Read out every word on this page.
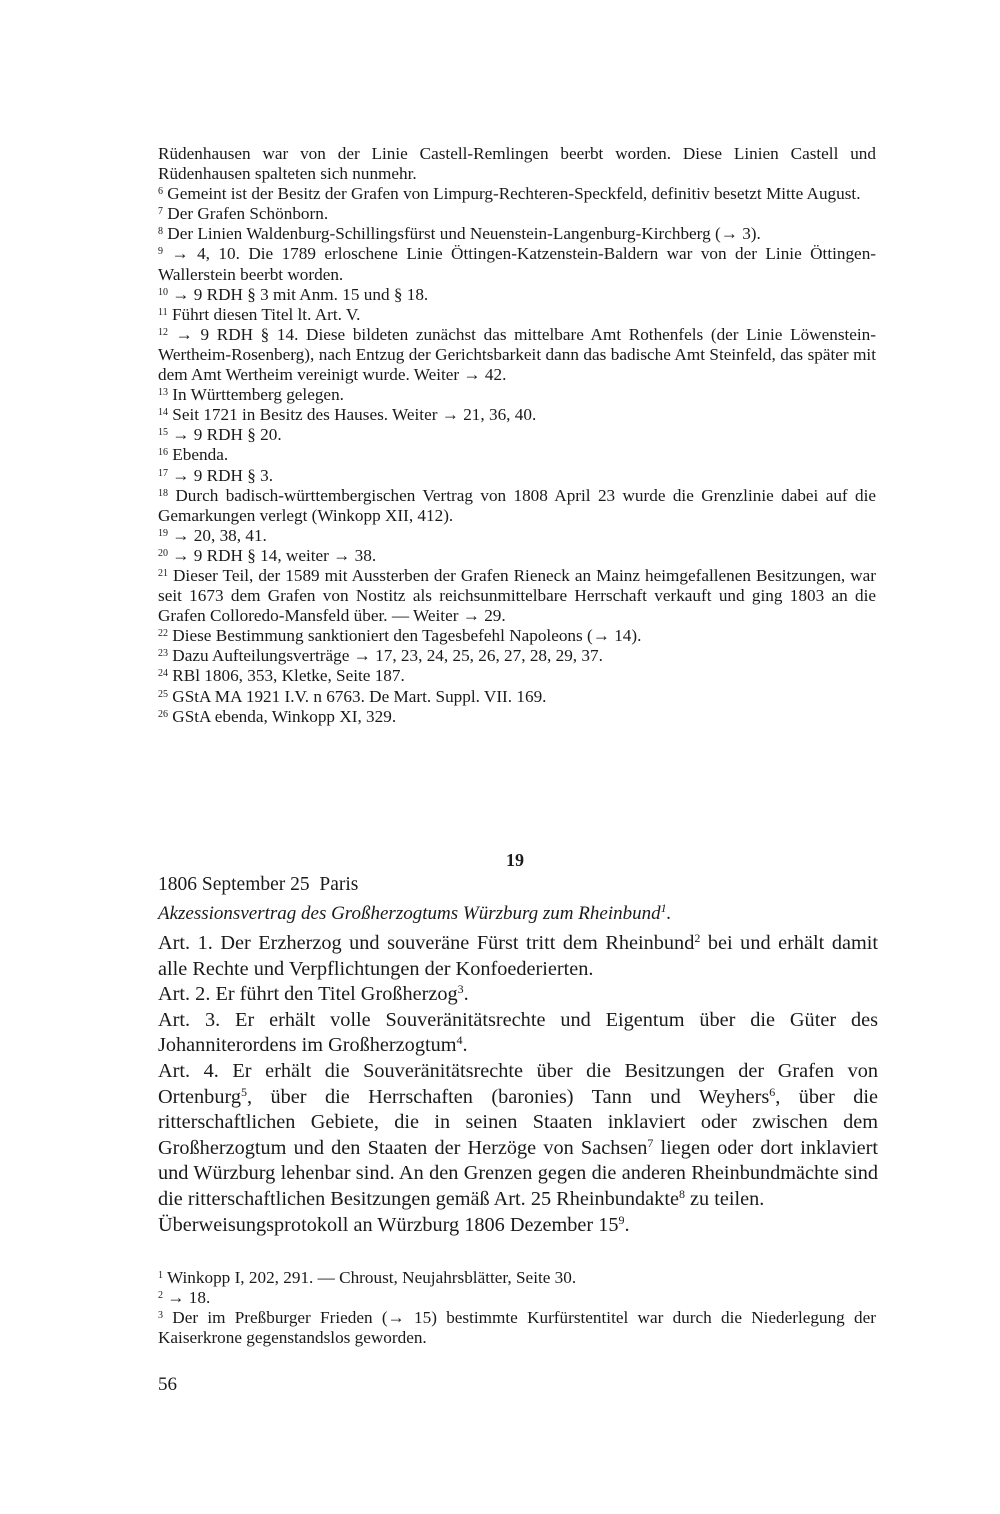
Rüdenhausen war von der Linie Castell-Remlingen beerbt worden. Diese Linien Castell und Rüdenhausen spalteten sich nunmehr.
$^6$ Gemeint ist der Besitz der Grafen von Limpurg-Rechteren-Speckfeld, definitiv besetzt Mitte August.
$^7$ Der Grafen Schönborn.
$^8$ Der Linien Waldenburg-Schillingsfürst und Neuenstein-Langenburg-Kirchberg (→ 3).
$^9$ → 4, 10. Die 1789 erloschene Linie Öttingen-Katzenstein-Baldern war von der Linie Öttingen-Wallerstein beerbt worden.
$^{10}$ → 9 RDH § 3 mit Anm. 15 und § 18.
$^{11}$ Führt diesen Titel lt. Art. V.
$^{12}$ → 9 RDH § 14. Diese bildeten zunächst das mittelbare Amt Rothenfels (der Linie Löwenstein-Wertheim-Rosenberg), nach Entzug der Gerichtsbarkeit dann das badische Amt Steinfeld, das später mit dem Amt Wertheim vereinigt wurde. Weiter → 42.
$^{13}$ In Württemberg gelegen.
$^{14}$ Seit 1721 in Besitz des Hauses. Weiter → 21, 36, 40.
$^{15}$ → 9 RDH § 20.
$^{16}$ Ebenda.
$^{17}$ → 9 RDH § 3.
$^{18}$ Durch badisch-württembergischen Vertrag von 1808 April 23 wurde die Grenzlinie dabei auf die Gemarkungen verlegt (Winkopp XII, 412).
$^{19}$ → 20, 38, 41.
$^{20}$ → 9 RDH § 14, weiter → 38.
$^{21}$ Dieser Teil, der 1589 mit Aussterben der Grafen Rieneck an Mainz heimgefallenen Besitzungen, war seit 1673 dem Grafen von Nostitz als reichsunmittelbare Herrschaft verkauft und ging 1803 an die Grafen Colloredo-Mansfeld über. — Weiter → 29.
$^{22}$ Diese Bestimmung sanktioniert den Tagesbefehl Napoleons (→ 14).
$^{23}$ Dazu Aufteilungsverträge → 17, 23, 24, 25, 26, 27, 28, 29, 37.
$^{24}$ RBl 1806, 353, Kletke, Seite 187.
$^{25}$ GStA MA 1921 I.V. n 6763. De Mart. Suppl. VII. 169.
$^{26}$ GStA ebenda, Winkopp XI, 329.
19
1806 September 25 Paris
Akzessionsvertrag des Großherzogtums Würzburg zum Rheinbund$^1$.
Art. 1. Der Erzherzog und souveräne Fürst tritt dem Rheinbund$^2$ bei und erhält damit alle Rechte und Verpflichtungen der Konfoederierten.
Art. 2. Er führt den Titel Großherzog$^3$.
Art. 3. Er erhält volle Souveränitätsrechte und Eigentum über die Güter des Johanniterordens im Großherzogtum$^4$.
Art. 4. Er erhält die Souveränitätsrechte über die Besitzungen der Grafen von Ortenburg$^5$, über die Herrschaften (baronies) Tann und Weyhers$^6$, über die ritterschaftlichen Gebiete, die in seinen Staaten inklaviert oder zwischen dem Großherzogtum und den Staaten der Herzöge von Sachsen$^7$ liegen oder dort inklaviert und Würzburg lehenbar sind. An den Grenzen gegen die anderen Rheinbundmächte sind die ritterschaftlichen Besitzungen gemäß Art. 25 Rheinbundakte$^8$ zu teilen.
Überweisungsprotokoll an Würzburg 1806 Dezember $15^9$.
$^1$ Winkopp I, 202, 291. — Chroust, Neujahrsblätter, Seite 30.
$^2$ → 18.
$^3$ Der im Preßburger Frieden (→ 15) bestimmte Kurfürstentitel war durch die Niederlegung der Kaiserkrone gegenstandslos geworden.
56
